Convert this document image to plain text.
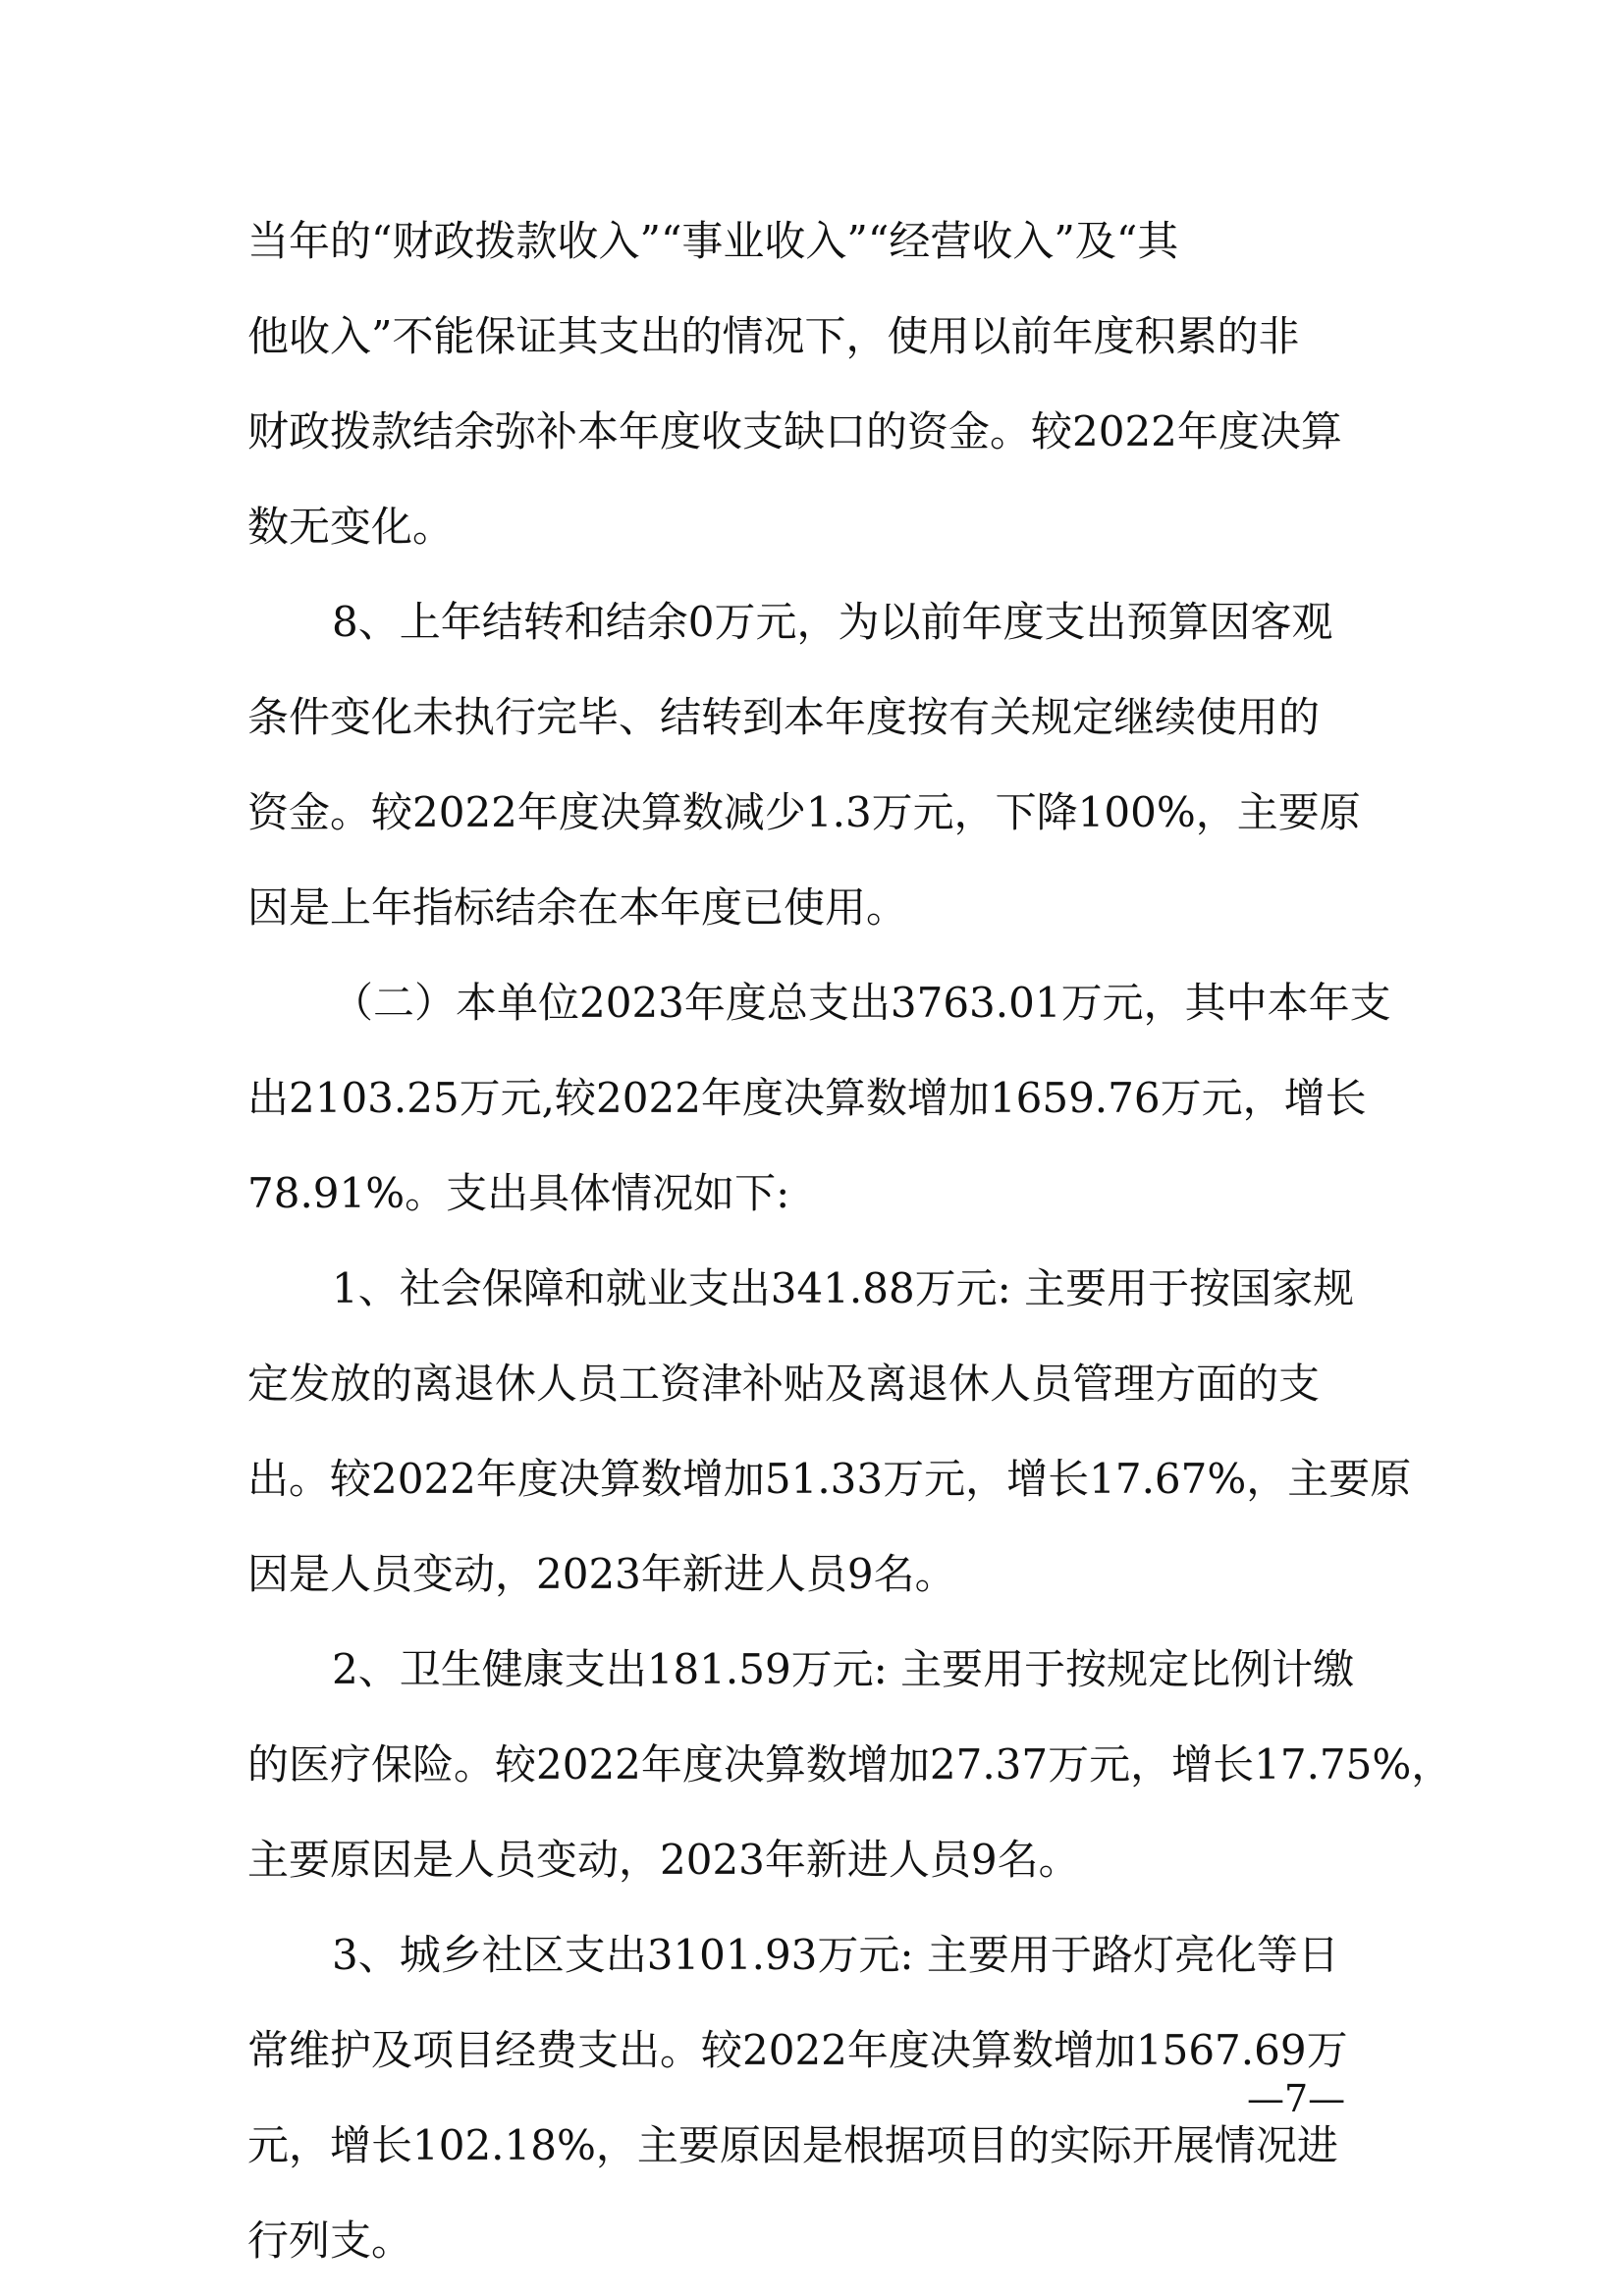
当年的“财政拨款收入”“事业收入”“经营收入”及“其
他收入”不能保证其支出的情况下，使用以前年度积累的非
财政拨款结余弥补本年度收支缺口的资金。较2022年度决算
数无变化。
8、上年结转和结余0万元，为以前年度支出预算因客观
条件变化未执行完毕、结转到本年度按有关规定继续使用的
资金。较2022年度决算数减少1.3万元，下降100%，主要原
因是上年指标结余在本年度已使用。
（二）本单位2023年度总支出3763.01万元，其中本年支
出2103.25万元,较2022年度决算数增加1659.76万元，增长
78.91%。支出具体情况如下:
1、社会保障和就业支出341.88万元: 主要用于按国家规
定发放的离退休人员工资津补贴及离退休人员管理方面的支
出。较2022年度决算数增加51.33万元，增长17.67%，主要原
因是人员变动，2023年新进人员9名。
2、卫生健康支出181.59万元: 主要用于按规定比例计缴
的医疗保险。较2022年度决算数增加27.37万元，增长17.75%，
主要原因是人员变动，2023年新进人员9名。
3、城乡社区支出3101.93万元: 主要用于路灯亮化等日
常维护及项目经费支出。较2022年度决算数增加1567.69万
元，增长102.18%，主要原因是根据项目的实际开展情况进
行列支。
—7—
